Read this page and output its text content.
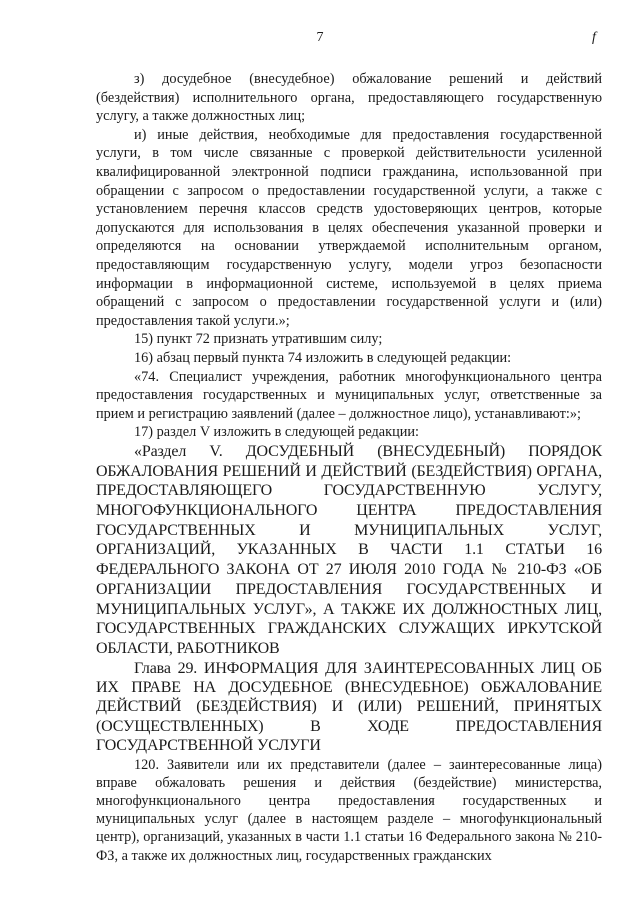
7	f

з) досудебное (внесудебное) обжалование решений и действий (бездействия) исполнительного органа, предоставляющего государственную услугу, а также должностных лиц;

и) иные действия, необходимые для предоставления государственной услуги, в том числе связанные с проверкой действительности усиленной квалифицированной электронной подписи гражданина, использованной при обращении с запросом о предоставлении государственной услуги, а также с установлением перечня классов средств удостоверяющих центров, которые допускаются для использования в целях обеспечения указанной проверки и определяются на основании утверждаемой исполнительным органом, предоставляющим государственную услугу, модели угроз безопасности информации в информационной системе, используемой в целях приема обращений с запросом о предоставлении государственной услуги и (или) предоставления такой услуги.»;

15) пункт 72 признать утратившим силу;

16) абзац первый пункта 74 изложить в следующей редакции:

«74. Специалист учреждения, работник многофункционального центра предоставления государственных и муниципальных услуг, ответственные за прием и регистрацию заявлений (далее – должностное лицо), устанавливают:»;

17) раздел V изложить в следующей редакции:

«Раздел V. ДОСУДЕБНЫЙ (ВНЕСУДЕБНЫЙ) ПОРЯДОК ОБЖАЛОВАНИЯ РЕШЕНИЙ И ДЕЙСТВИЙ (БЕЗДЕЙСТВИЯ) ОРГАНА, ПРЕДОСТАВЛЯЮЩЕГО ГОСУДАРСТВЕННУЮ УСЛУГУ, МНОГОФУНКЦИОНАЛЬНОГО ЦЕНТРА ПРЕДОСТАВЛЕНИЯ ГОСУДАРСТВЕННЫХ И МУНИЦИПАЛЬНЫХ УСЛУГ, ОРГАНИЗАЦИЙ, УКАЗАННЫХ В ЧАСТИ 1.1 СТАТЬИ 16 ФЕДЕРАЛЬНОГО ЗАКОНА ОТ 27 ИЮЛЯ 2010 ГОДА № 210-ФЗ «ОБ ОРГАНИЗАЦИИ ПРЕДОСТАВЛЕНИЯ ГОСУДАРСТВЕННЫХ И МУНИЦИПАЛЬНЫХ УСЛУГ», А ТАКЖЕ ИХ ДОЛЖНОСТНЫХ ЛИЦ, ГОСУДАРСТВЕННЫХ ГРАЖДАНСКИХ СЛУЖАЩИХ ИРКУТСКОЙ ОБЛАСТИ, РАБОТНИКОВ

Глава 29. ИНФОРМАЦИЯ ДЛЯ ЗАИНТЕРЕСОВАННЫХ ЛИЦ ОБ ИХ ПРАВЕ НА ДОСУДЕБНОЕ (ВНЕСУДЕБНОЕ) ОБЖАЛОВАНИЕ ДЕЙСТВИЙ (БЕЗДЕЙСТВИЯ) И (ИЛИ) РЕШЕНИЙ, ПРИНЯТЫХ (ОСУЩЕСТВЛЕННЫХ) В ХОДЕ ПРЕДОСТАВЛЕНИЯ ГОСУДАРСТВЕННОЙ УСЛУГИ

120. Заявители или их представители (далее – заинтересованные лица) вправе обжаловать решения и действия (бездействие) министерства, многофункционального центра предоставления государственных и муниципальных услуг (далее в настоящем разделе – многофункциональный центр), организаций, указанных в части 1.1 статьи 16 Федерального закона № 210-ФЗ, а также их должностных лиц, государственных гражданских
